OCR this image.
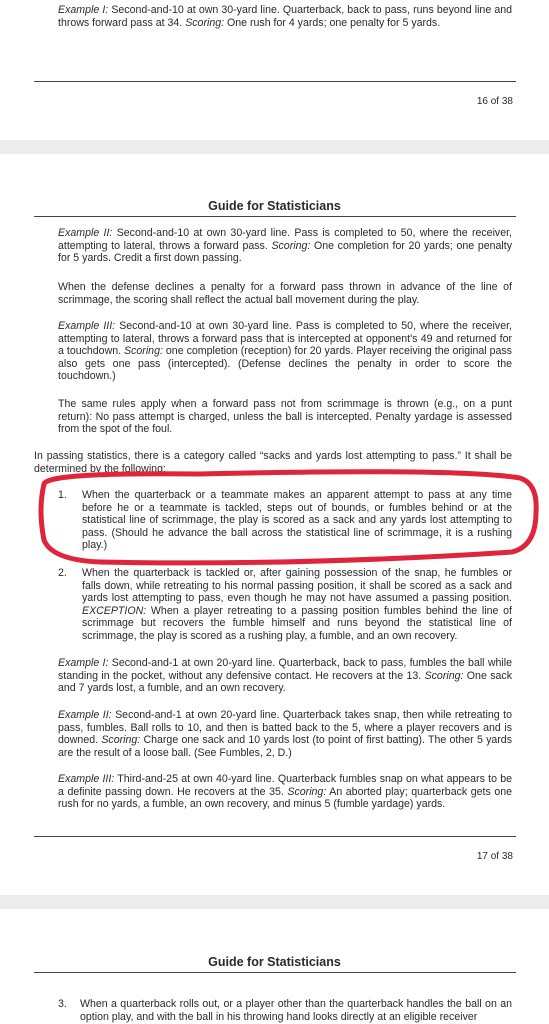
Example I: Second-and-10 at own 30-yard line. Quarterback, back to pass, runs beyond line and throws forward pass at 34. Scoring: One rush for 4 yards; one penalty for 5 yards.
16 of 38
Guide for Statisticians
Example II: Second-and-10 at own 30-yard line. Pass is completed to 50, where the receiver, attempting to lateral, throws a forward pass. Scoring: One completion for 20 yards; one penalty for 5 yards. Credit a first down passing.
When the defense declines a penalty for a forward pass thrown in advance of the line of scrimmage, the scoring shall reflect the actual ball movement during the play.
Example III: Second-and-10 at own 30-yard line. Pass is completed to 50, where the receiver, attempting to lateral, throws a forward pass that is intercepted at opponent's 49 and returned for a touchdown. Scoring: one completion (reception) for 20 yards. Player receiving the original pass also gets one pass (intercepted). (Defense declines the penalty in order to score the touchdown.)
The same rules apply when a forward pass not from scrimmage is thrown (e.g., on a punt return): No pass attempt is charged, unless the ball is intercepted. Penalty yardage is assessed from the spot of the foul.
In passing statistics, there is a category called “sacks and yards lost attempting to pass.” It shall be determined by the following:
1. When the quarterback or a teammate makes an apparent attempt to pass at any time before he or a teammate is tackled, steps out of bounds, or fumbles behind or at the statistical line of scrimmage, the play is scored as a sack and any yards lost attempting to pass. (Should he advance the ball across the statistical line of scrimmage, it is a rushing play.)
2. When the quarterback is tackled or, after gaining possession of the snap, he fumbles or falls down, while retreating to his normal passing position, it shall be scored as a sack and yards lost attempting to pass, even though he may not have assumed a passing position. EXCEPTION: When a player retreating to a passing position fumbles behind the line of scrimmage but recovers the fumble himself and runs beyond the statistical line of scrimmage, the play is scored as a rushing play, a fumble, and an own recovery.
Example I: Second-and-1 at own 20-yard line. Quarterback, back to pass, fumbles the ball while standing in the pocket, without any defensive contact. He recovers at the 13. Scoring: One sack and 7 yards lost, a fumble, and an own recovery.
Example II: Second-and-1 at own 20-yard line. Quarterback takes snap, then while retreating to pass, fumbles. Ball rolls to 10, and then is batted back to the 5, where a player recovers and is downed. Scoring: Charge one sack and 10 yards lost (to point of first batting). The other 5 yards are the result of a loose ball. (See Fumbles, 2, D.)
Example III: Third-and-25 at own 40-yard line. Quarterback fumbles snap on what appears to be a definite passing down. He recovers at the 35. Scoring: An aborted play; quarterback gets one rush for no yards, a fumble, an own recovery, and minus 5 (fumble yardage) yards.
17 of 38
Guide for Statisticians
3. When a quarterback rolls out, or a player other than the quarterback handles the ball on an option play, and with the ball in his throwing hand looks directly at an eligible receiver
